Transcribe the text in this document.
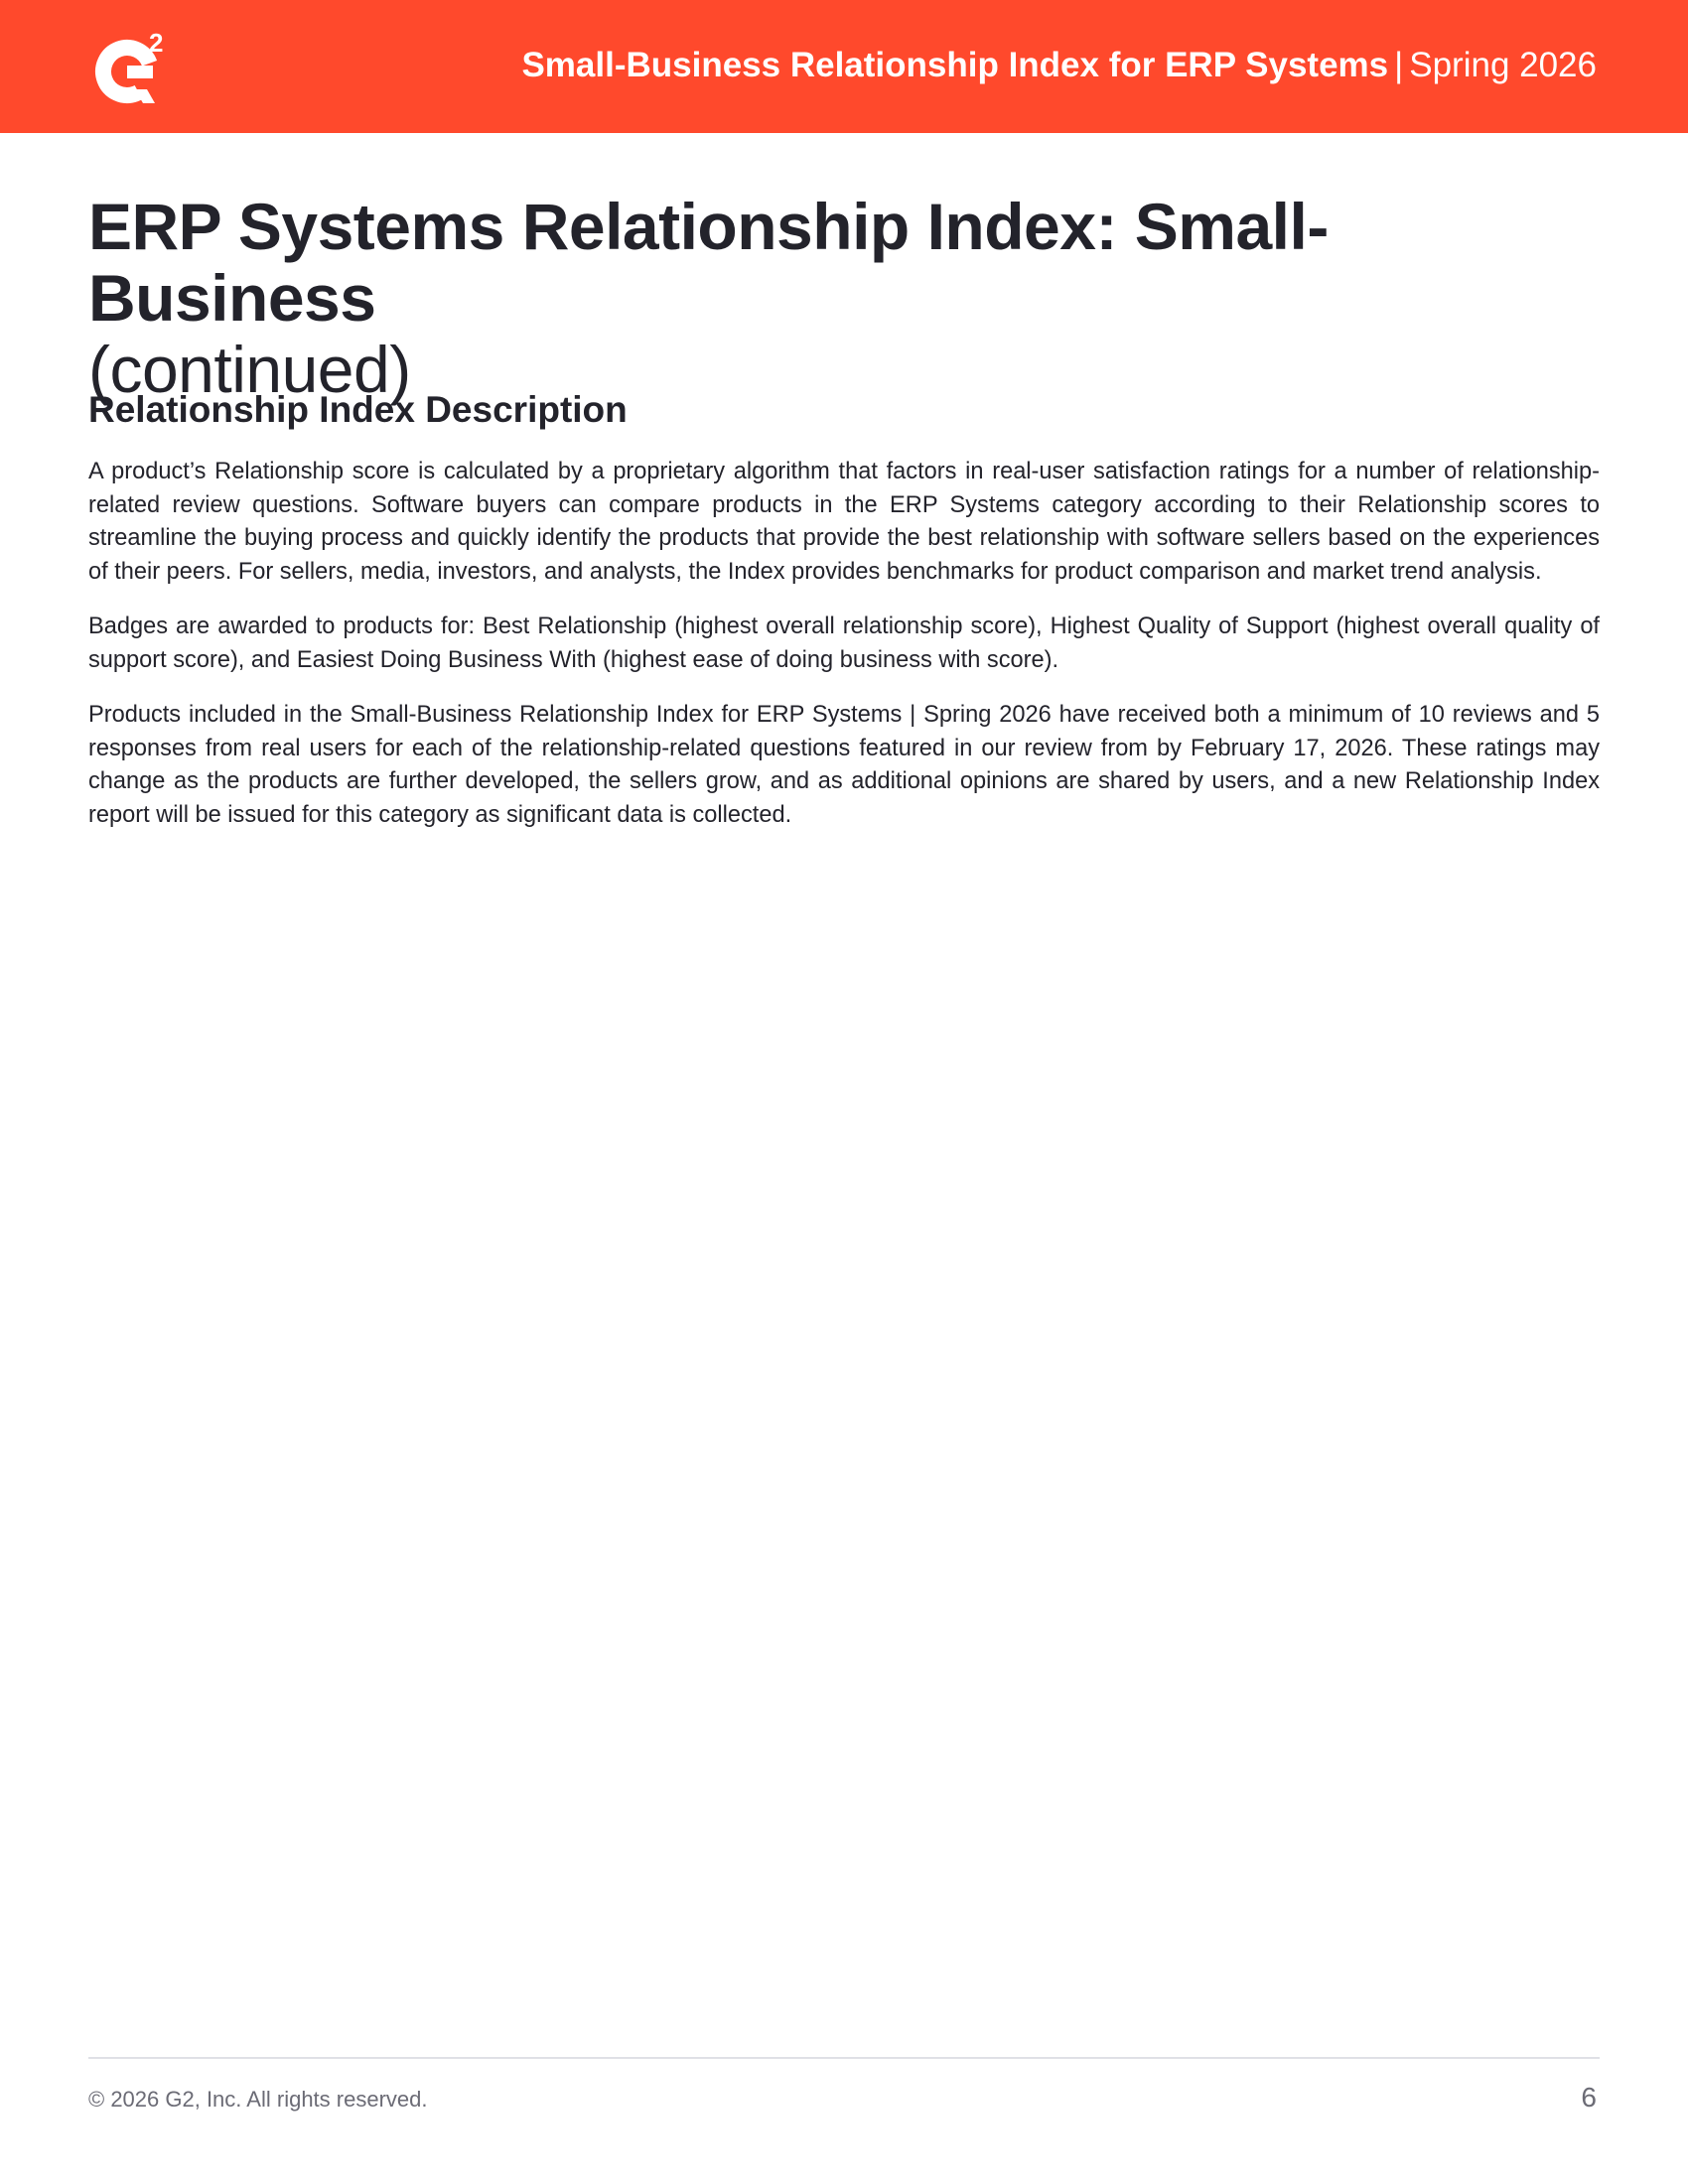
2
Small-Business Relationship Index for ERP Systems | Spring 2026
ERP Systems Relationship Index: Small-Business
(continued)
Relationship Index Description

A product’s Relationship score is calculated by a proprietary algorithm that factors in real-user satisfaction ratings for a number of relationship-related review questions. Software buyers can compare products in the ERP Systems category according to their Relationship scores to streamline the buying process and quickly identify the products that provide the best relationship with software sellers based on the experiences of their peers. For sellers, media, investors, and analysts, the Index provides benchmarks for product comparison and market trend analysis.

Badges are awarded to products for: Best Relationship (highest overall relationship score), Highest Quality of Support (highest overall quality of support score), and Easiest Doing Business With (highest ease of doing business with score).

Products included in the Small-Business Relationship Index for ERP Systems | Spring 2026 have received both a minimum of 10 reviews and 5 responses from real users for each of the relationship-related questions featured in our review from by February 17, 2026. These ratings may change as the products are further developed, the sellers grow, and as additional opinions are shared by users, and a new Relationship Index report will be issued for this category as significant data is collected.

© 2026 G2, Inc. All rights reserved.	6
